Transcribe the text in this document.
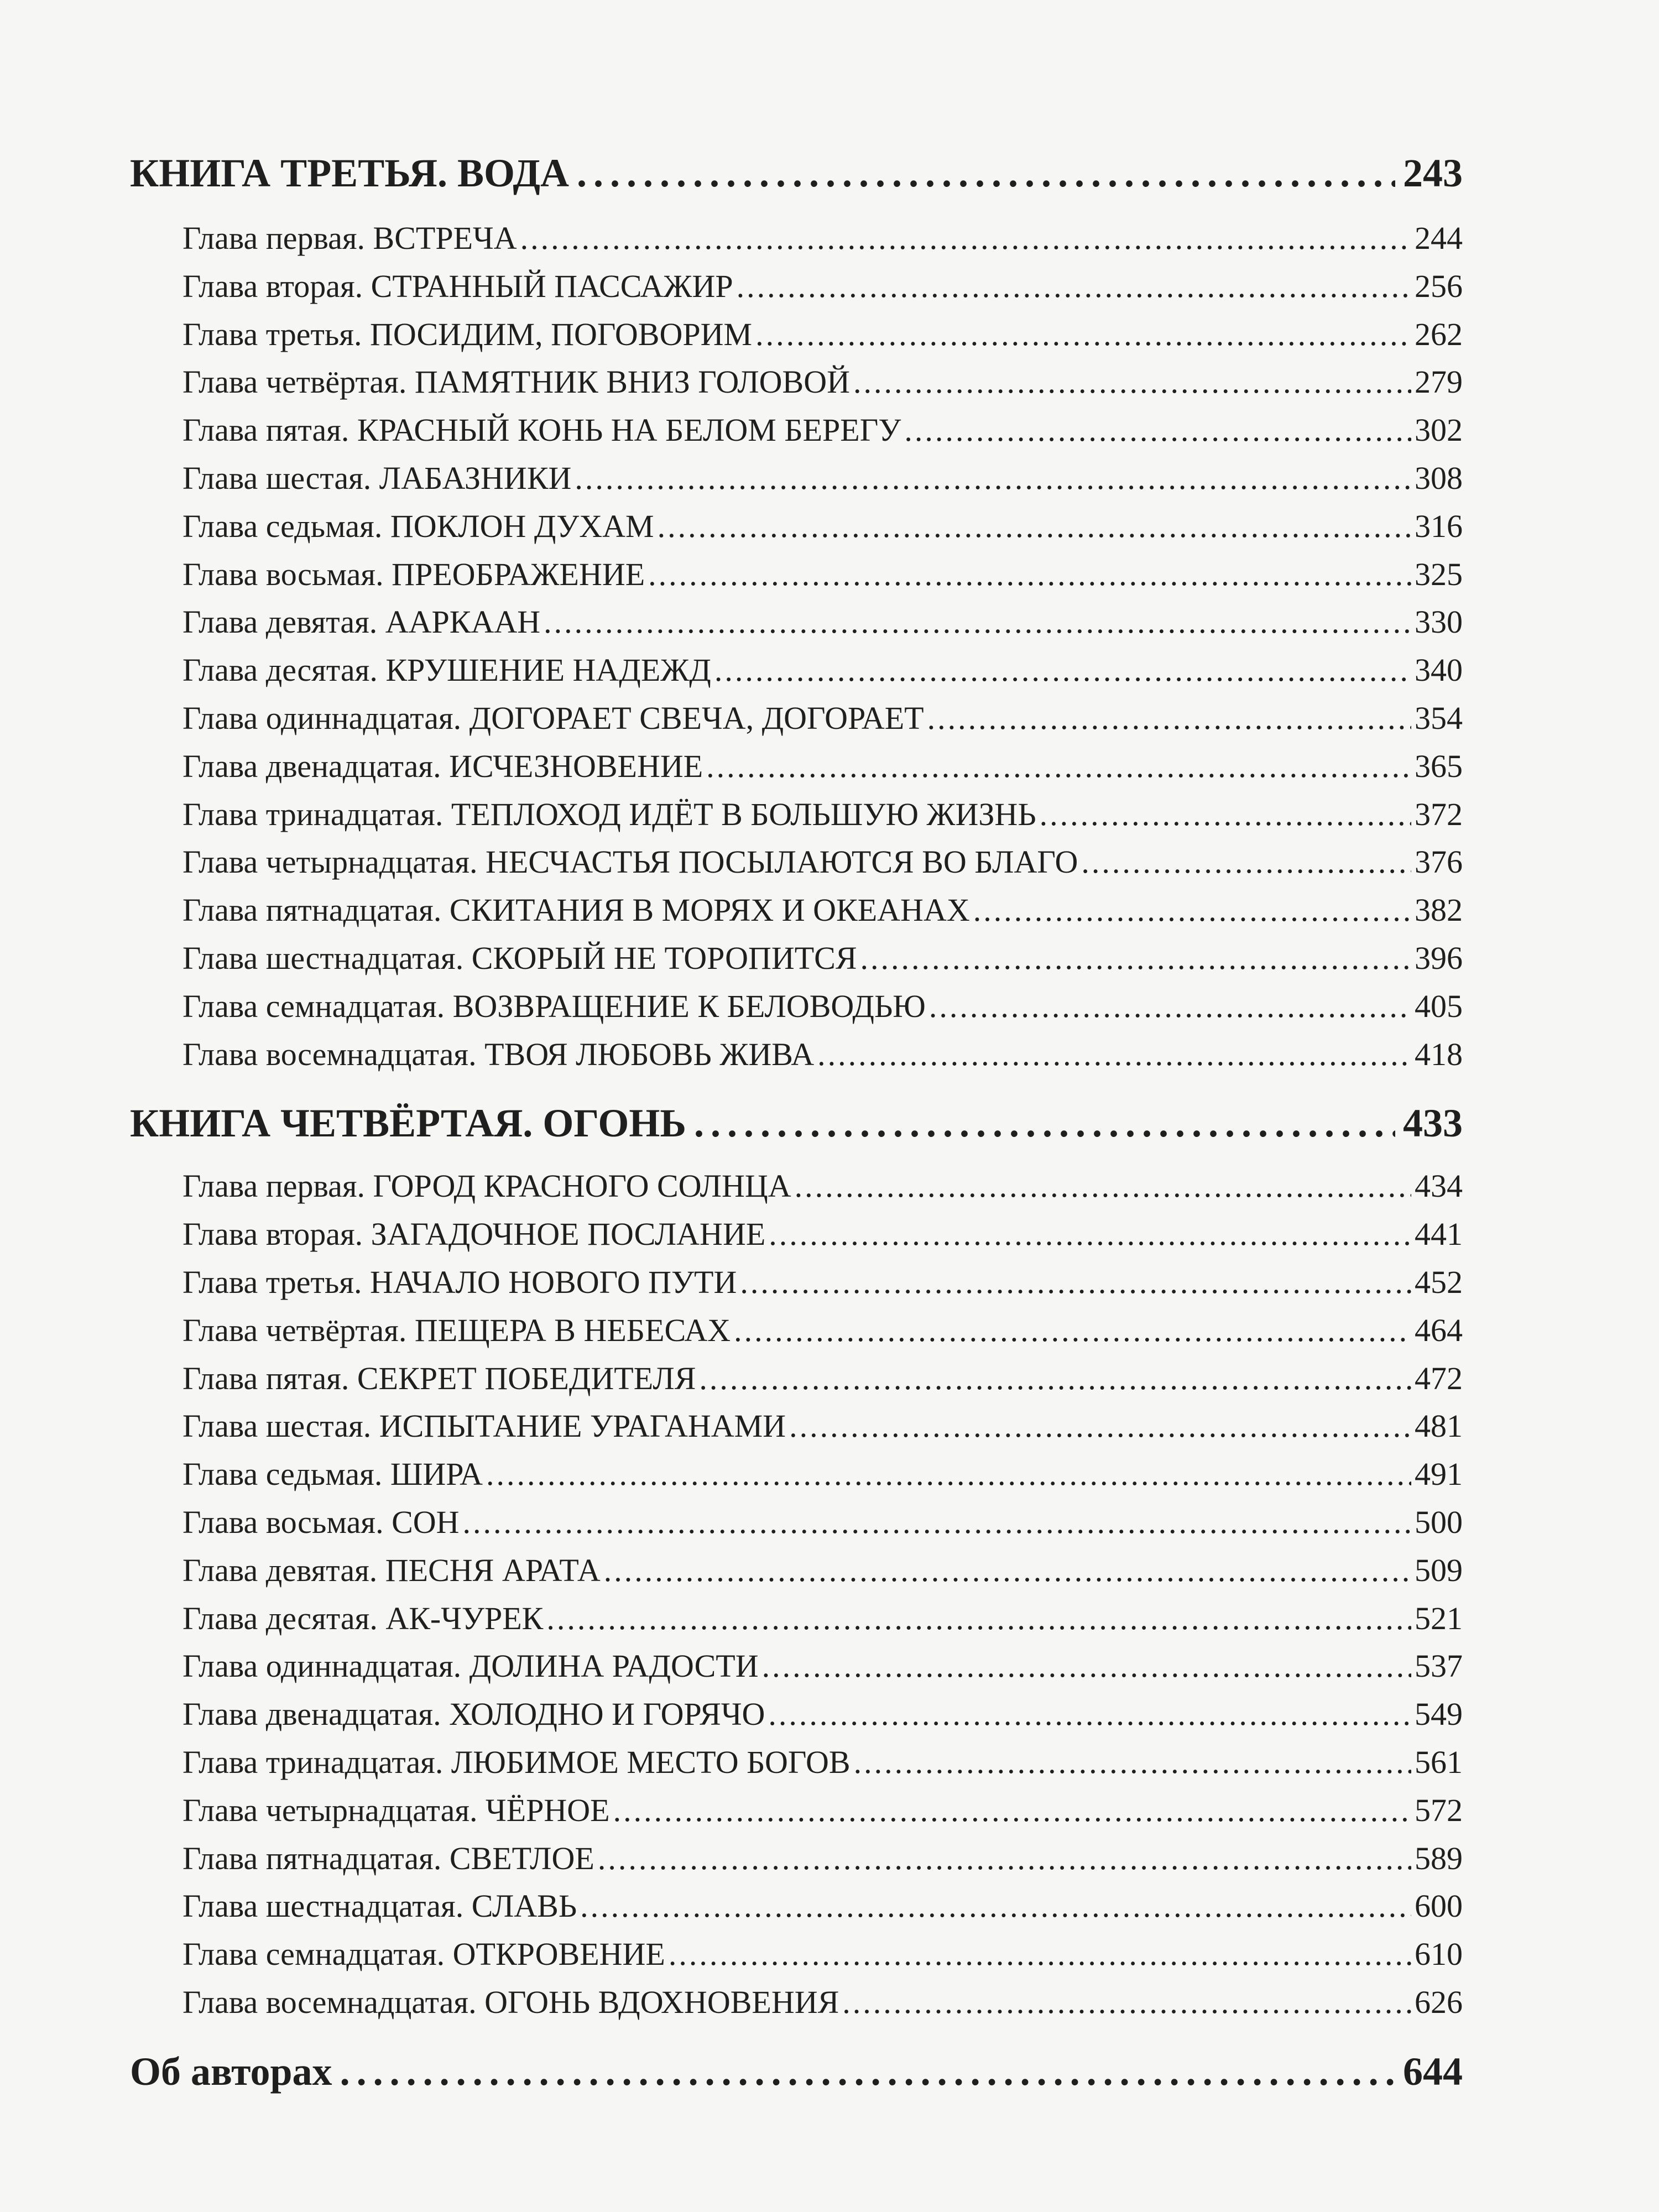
КНИГА ТРЕТЬЯ. ВОДА .....	243
Глава первая. ВСТРЕЧА .....	244
Глава вторая. СТРАННЫЙ ПАССАЖИР .....	256
Глава третья. ПОСИДИМ, ПОГОВОРИМ .....	262
Глава четвёртая. ПАМЯТНИК ВНИЗ ГОЛОВОЙ .....	279
Глава пятая. КРАСНЫЙ КОНЬ НА БЕЛОМ БЕРЕГУ .....	302
Глава шестая. ЛАБАЗНИКИ .....	308
Глава седьмая. ПОКЛОН ДУХАМ .....	316
Глава восьмая. ПРЕОБРАЖЕНИЕ .....	325
Глава девятая. ААРКААН .....	330
Глава десятая. КРУШЕНИЕ НАДЕЖД .....	340
Глава одиннадцатая. ДОГОРАЕТ СВЕЧА, ДОГОРАЕТ .....	354
Глава двенадцатая. ИСЧЕЗНОВЕНИЕ .....	365
Глава тринадцатая. ТЕПЛОХОД ИДЁТ В БОЛЬШУЮ ЖИЗНЬ .....	372
Глава четырнадцатая. НЕСЧАСТЬЯ ПОСЫЛАЮТСЯ ВО БЛАГО .....	376
Глава пятнадцатая. СКИТАНИЯ В МОРЯХ И ОКЕАНАХ .....	382
Глава шестнадцатая. СКОРЫЙ НЕ ТОРОПИТСЯ .....	396
Глава семнадцатая. ВОЗВРАЩЕНИЕ К БЕЛОВОДЬЮ .....	405
Глава восемнадцатая. ТВОЯ ЛЮБОВЬ ЖИВА .....	418
КНИГА ЧЕТВЁРТАЯ. ОГОНЬ .....	433
Глава первая. ГОРОД КРАСНОГО СОЛНЦА .....	434
Глава вторая. ЗАГАДОЧНОЕ ПОСЛАНИЕ .....	441
Глава третья. НАЧАЛО НОВОГО ПУТИ .....	452
Глава четвёртая. ПЕЩЕРА В НЕБЕСАХ .....	464
Глава пятая. СЕКРЕТ ПОБЕДИТЕЛЯ .....	472
Глава шестая. ИСПЫТАНИЕ УРАГАНАМИ .....	481
Глава седьмая. ШИРА .....	491
Глава восьмая. СОН .....	500
Глава девятая. ПЕСНЯ АРАТА .....	509
Глава десятая. АК-ЧУРЕК .....	521
Глава одиннадцатая. ДОЛИНА РАДОСТИ .....	537
Глава двенадцатая. ХОЛОДНО И ГОРЯЧО .....	549
Глава тринадцатая. ЛЮБИМОЕ МЕСТО БОГОВ .....	561
Глава четырнадцатая. ЧЁРНОЕ .....	572
Глава пятнадцатая. СВЕТЛОЕ .....	589
Глава шестнадцатая. СЛАВЬ .....	600
Глава семнадцатая. ОТКРОВЕНИЕ .....	610
Глава восемнадцатая. ОГОНЬ ВДОХНОВЕНИЯ .....	626
Об авторах .....	644
